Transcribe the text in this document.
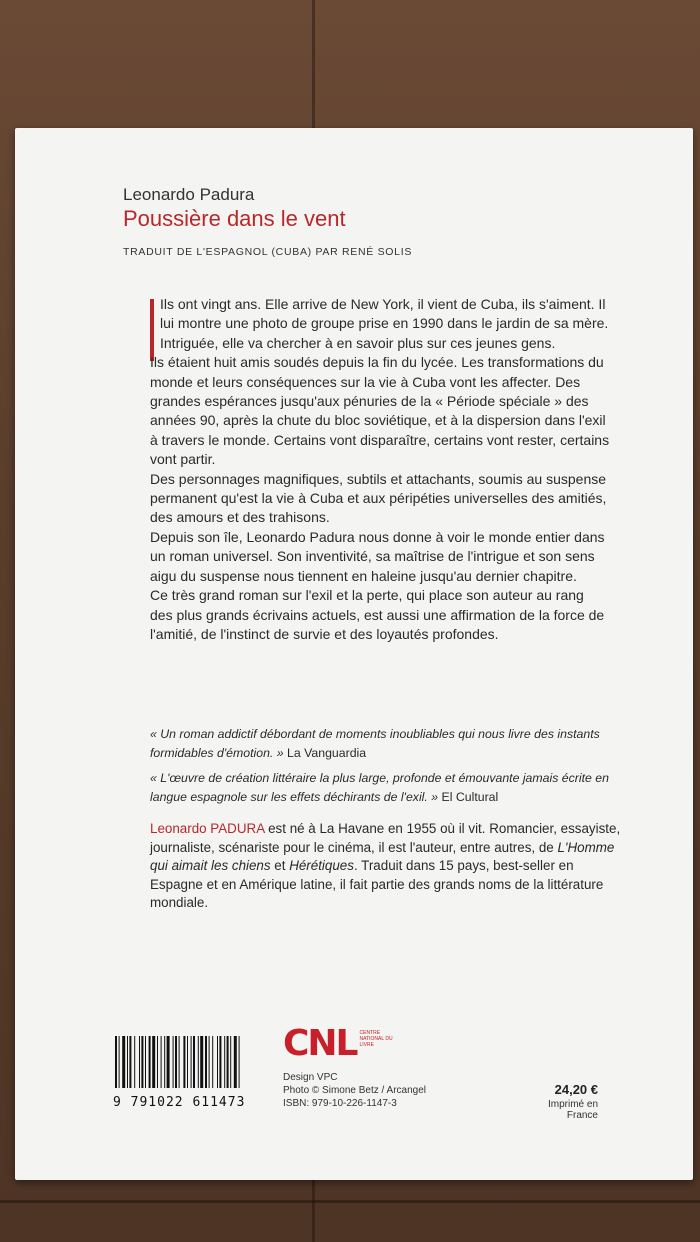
Leonardo Padura
Poussière dans le vent
TRADUIT DE L'ESPAGNOL (CUBA) PAR RENÉ SOLIS

Ils ont vingt ans. Elle arrive de New York, il vient de Cuba, ils s'aiment. Il lui montre une photo de groupe prise en 1990 dans le jardin de sa mère. Intriguée, elle va chercher à en savoir plus sur ces jeunes gens.

Ils étaient huit amis soudés depuis la fin du lycée. Les transformations du monde et leurs conséquences sur la vie à Cuba vont les affecter. Des grandes espérances jusqu'aux pénuries de la « Période spéciale » des années 90, après la chute du bloc soviétique, et à la dispersion dans l'exil à travers le monde. Certains vont disparaître, certains vont rester, certains vont partir.

Des personnages magnifiques, subtils et attachants, soumis au suspense permanent qu'est la vie à Cuba et aux péripéties universelles des amitiés, des amours et des trahisons.

Depuis son île, Leonardo Padura nous donne à voir le monde entier dans un roman universel. Son inventivité, sa maîtrise de l'intrigue et son sens aigu du suspense nous tiennent en haleine jusqu'au dernier chapitre.

Ce très grand roman sur l'exil et la perte, qui place son auteur au rang des plus grands écrivains actuels, est aussi une affirmation de la force de l'amitié, de l'instinct de survie et des loyautés profondes.

« Un roman addictif débordant de moments inoubliables qui nous livre des instants formidables d'émotion. » La Vanguardia

« L'œuvre de création littéraire la plus large, profonde et émouvante jamais écrite en langue espagnole sur les effets déchirants de l'exil. » El Cultural

Leonardo PADURA est né à La Havane en 1955 où il vit. Romancier, essayiste, journaliste, scénariste pour le cinéma, il est l'auteur, entre autres, de L'Homme qui aimait les chiens et Hérétiques. Traduit dans 15 pays, best-seller en Espagne et en Amérique latine, il fait partie des grands noms de la littérature mondiale.
9 791022 611473
CNL CENTRE NATIONAL DU LIVRE
Design VPC
Photo © Simone Betz / Arcangel
ISBN: 979-10-226-1147-3
24,20 €
Imprimé en France
